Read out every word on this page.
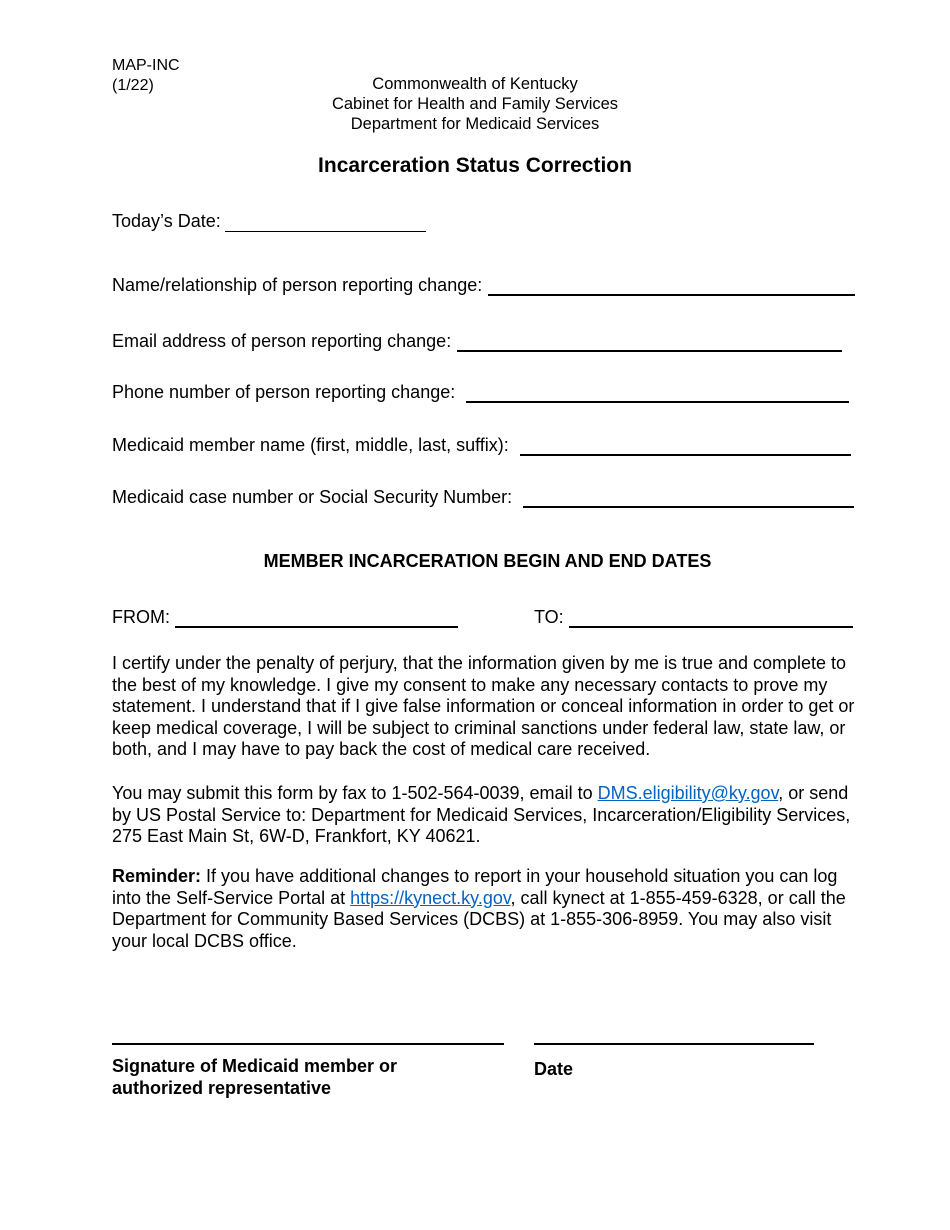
MAP-INC
(1/22)	Commonwealth of Kentucky
Cabinet for Health and Family Services
Department for Medicaid Services
Incarceration Status Correction
Today’s Date:
Name/relationship of person reporting change:
Email address of person reporting change:
Phone number of person reporting change:
Medicaid member name (first, middle, last, suffix):
Medicaid case number or Social Security Number:
MEMBER INCARCERATION BEGIN AND END DATES
FROM:	TO:
I certify under the penalty of perjury, that the information given by me is true and complete to the best of my knowledge. I give my consent to make any necessary contacts to prove my statement. I understand that if I give false information or conceal information in order to get or keep medical coverage, I will be subject to criminal sanctions under federal law, state law, or both, and I may have to pay back the cost of medical care received.
You may submit this form by fax to 1-502-564-0039, email to DMS.eligibility@ky.gov, or send by US Postal Service to: Department for Medicaid Services, Incarceration/Eligibility Services, 275 East Main St, 6W-D, Frankfort, KY 40621.
Reminder: If you have additional changes to report in your household situation you can log into the Self-Service Portal at https://kynect.ky.gov, call kynect at 1-855-459-6328, or call the Department for Community Based Services (DCBS) at 1-855-306-8959. You may also visit your local DCBS office.
Signature of Medicaid member or
authorized representative
Date
